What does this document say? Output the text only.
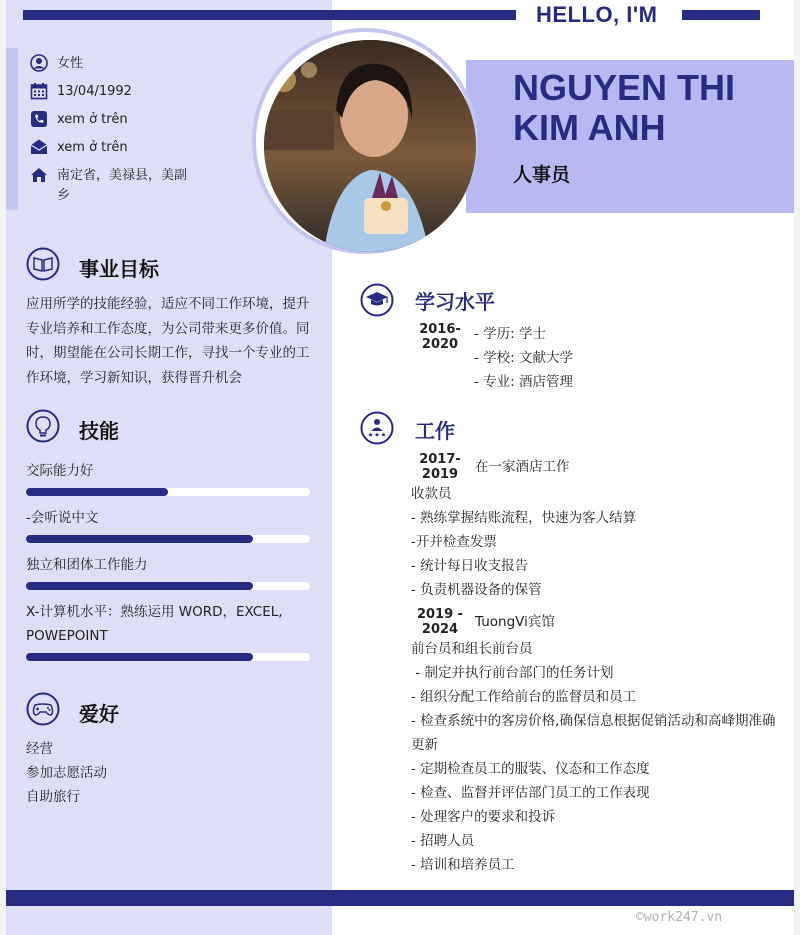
HELLO, I'M
女性
13/04/1992
xem ở trên
xem ở trên
南定省，美禄县，美副乡
NGUYEN THI
KIM ANH
人事员
事业目标
应用所学的技能经验，适应不同工作环境，提升专业培养和工作态度，为公司带来更多价值。同时，期望能在公司长期工作，寻找一个专业的工作环境，学习新知识，获得晋升机会
技能
交际能力好
-会听说中文
独立和团体工作能力
X-计算机水平：熟练运用 WORD，EXCEL, POWEPOINT
爱好
经营
参加志愿活动
自助旅行
学习水平
2016-
2020
- 学历: 学士
- 学校: 文献大学
- 专业: 酒店管理
工作
2017-
2019	在一家酒店工作
收款员
- 熟练掌握结账流程，快速为客人结算
-开并检查发票
- 统计每日收支报告
- 负责机器设备的保管
2019 -
2024	TuongVi宾馆
前台员和组长前台员
- 制定并执行前台部门的任务计划
- 组织分配工作给前台的监督员和员工
- 检查系统中的客房价格,确保信息根据促销活动和高峰期准确更新
- 定期检查员工的服装、仪态和工作态度
- 检查、监督并评估部门员工的工作表现
- 处理客户的要求和投诉
- 招聘人员
- 培训和培养员工
©work247.vn
